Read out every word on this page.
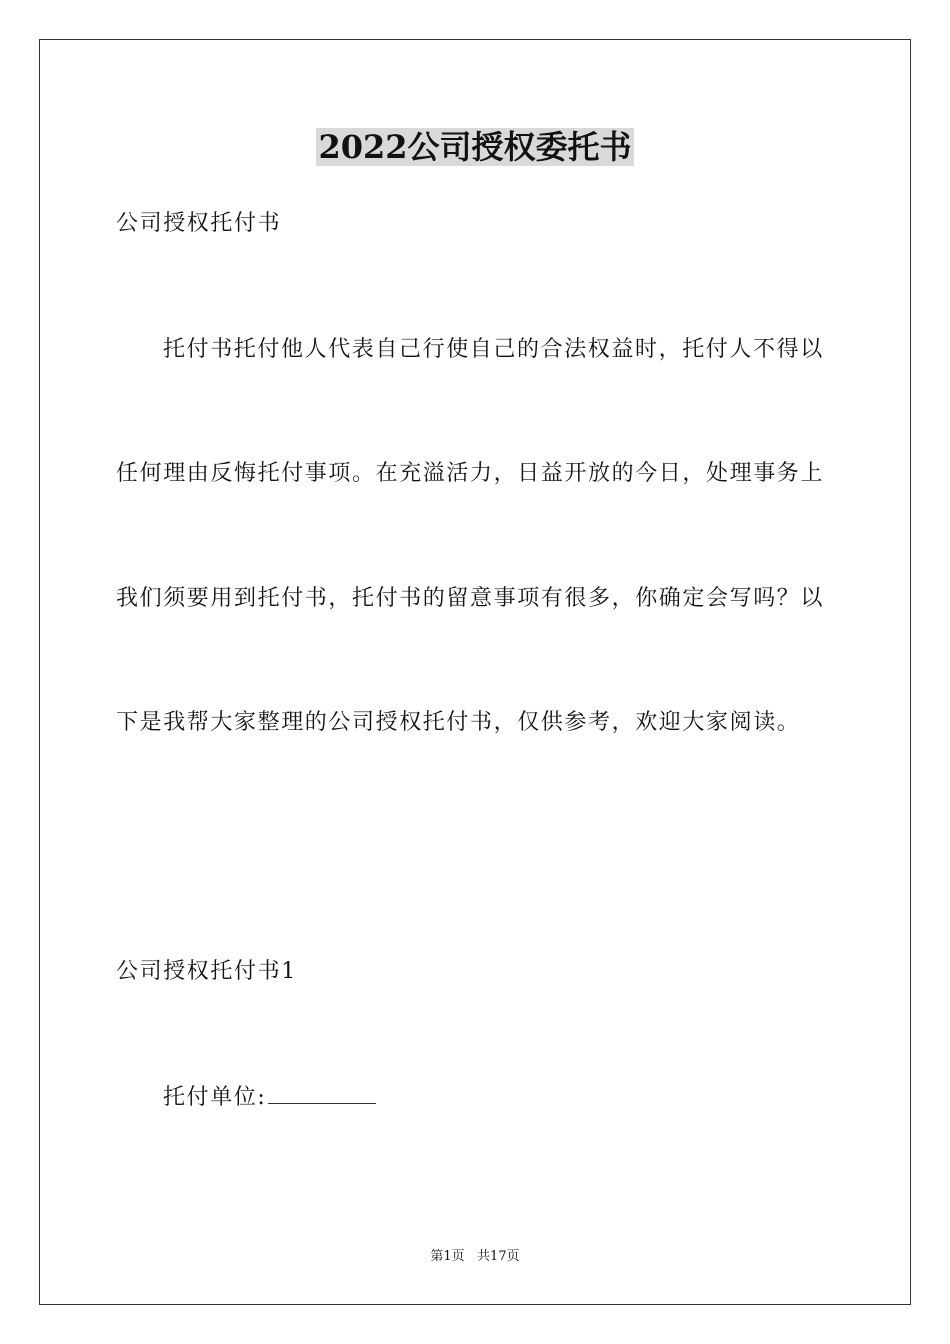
2022公司授权委托书
公司授权托付书
托付书托付他人代表自己行使自己的合法权益时，托付人不得以
任何理由反悔托付事项。在充溢活力，日益开放的今日，处理事务上
我们须要用到托付书，托付书的留意事项有很多，你确定会写吗？以
下是我帮大家整理的公司授权托付书，仅供参考，欢迎大家阅读。
公司授权托付书1
托付单位:
第1页   共17页
